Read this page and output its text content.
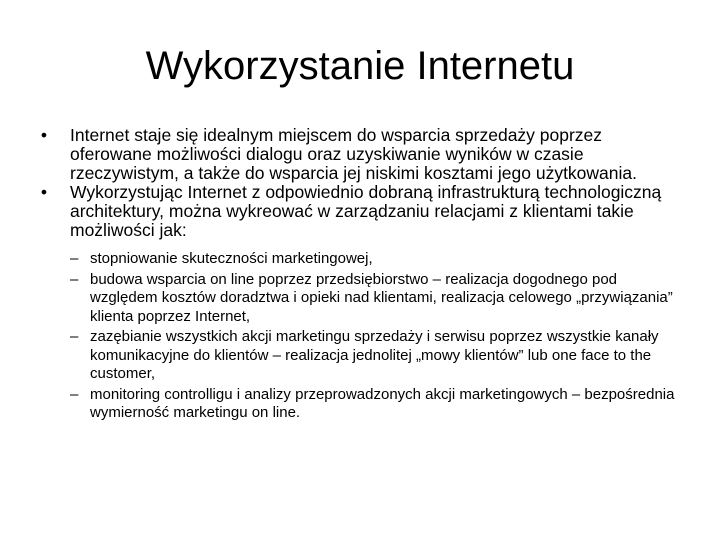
Wykorzystanie Internetu
• Internet staje się idealnym miejscem do wsparcia sprzedaży poprzez oferowane możliwości dialogu oraz uzyskiwanie wyników w czasie rzeczywistym, a także do wsparcia jej niskimi kosztami jego użytkowania.
• Wykorzystując Internet z odpowiednio dobraną infrastrukturą technologiczną architektury, można wykreować w zarządzaniu relacjami z klientami takie możliwości jak:
– stopniowanie skuteczności marketingowej,
– budowa wsparcia on line poprzez przedsiębiorstwo – realizacja dogodnego pod względem kosztów doradztwa i opieki nad klientami, realizacja celowego „przywiązania” klienta poprzez Internet,
– zazębianie wszystkich akcji marketingu sprzedaży i serwisu poprzez wszystkie kanały komunikacyjne do klientów – realizacja jednolitej „mowy klientów” lub one face to the customer,
– monitoring controlligu i analizy przeprowadzonych akcji marketingowych – bezpośrednia wymierność marketingu on line.
